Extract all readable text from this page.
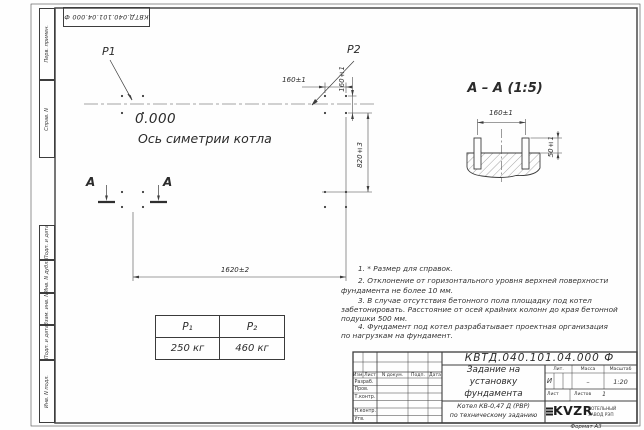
КВТД.040.101.04.000 Ф
Перв. примен.
Справ. N
Подп. и дата
Инв. N дубл.
Взам. инв. N
Подп. и дата
Инв. N подл.
P1	P2
0.000
Ось симетрии котла
160±1	160±1
820±3
1620±2
А	А
А – А (1:5)
160±1
50±1
P₁	P₂
250 кг	460 кг
1. * Размер для справок.
2. Отклонение от горизонтального уровня верхней поверхности
фундамента не более 10 мм.
3. В случае отсутствия бетонного пола площадку под котел
забетонировать. Расстояние от осей крайних колонн до края бетонной
подушки 500 мм.
4. Фундамент под котел разрабатывает проектная организация
по нагрузкам на фундамент.
КВТД.040.101.04.000 Ф
Задание на
установку
фундамента
Котел КВ-0,47 Д (РВР)
по техническому заданию
Изм. Лист	N докум.	Подп. Дата
Разраб.
Пров.
Т.контр.
Н.контр.
Утв.
Лит.	Масса	Масштаб
И	–	1:20
Лист	Листов	1
KVZR
КОТЕЛЬНЫЙ
ЗАВОД РЭП
Формат А3
